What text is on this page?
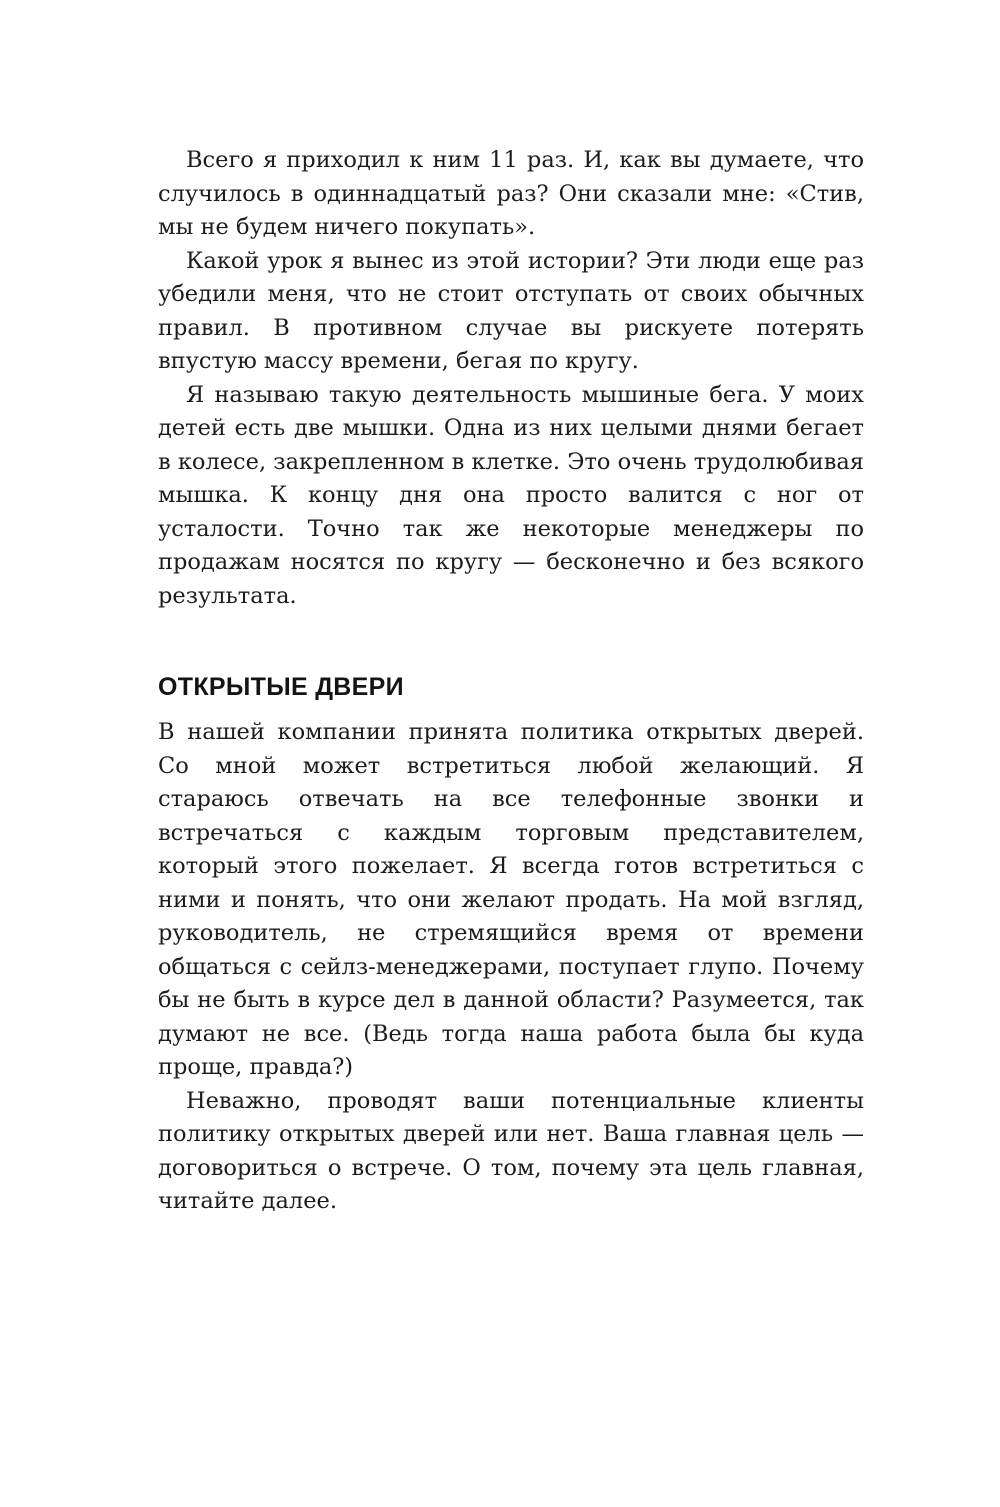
Всего я приходил к ним 11 раз. И, как вы думаете, что случилось в одиннадцатый раз? Они сказали мне: «Стив, мы не будем ничего покупать».

Какой урок я вынес из этой истории? Эти люди еще раз убедили меня, что не стоит отступать от своих обычных правил. В противном случае вы рискуете потерять впустую массу времени, бегая по кругу.

Я называю такую деятельность мышиные бега. У моих детей есть две мышки. Одна из них целыми днями бегает в колесе, закрепленном в клетке. Это очень трудолюбивая мышка. К концу дня она просто валится с ног от усталости. Точно так же некоторые менеджеры по продажам носятся по кругу — бесконечно и без всякого результата.

ОТКРЫТЫЕ ДВЕРИ

В нашей компании принята политика открытых дверей. Со мной может встретиться любой желающий. Я стараюсь отвечать на все телефонные звонки и встречаться с каждым торговым представителем, который этого пожелает. Я всегда готов встретиться с ними и понять, что они желают продать. На мой взгляд, руководитель, не стремящийся время от времени общаться с сейлз-менеджерами, поступает глупо. Почему бы не быть в курсе дел в данной области? Разумеется, так думают не все. (Ведь тогда наша работа была бы куда проще, правда?)

Неважно, проводят ваши потенциальные клиенты политику открытых дверей или нет. Ваша главная цель — договориться о встрече. О том, почему эта цель главная, читайте далее.
